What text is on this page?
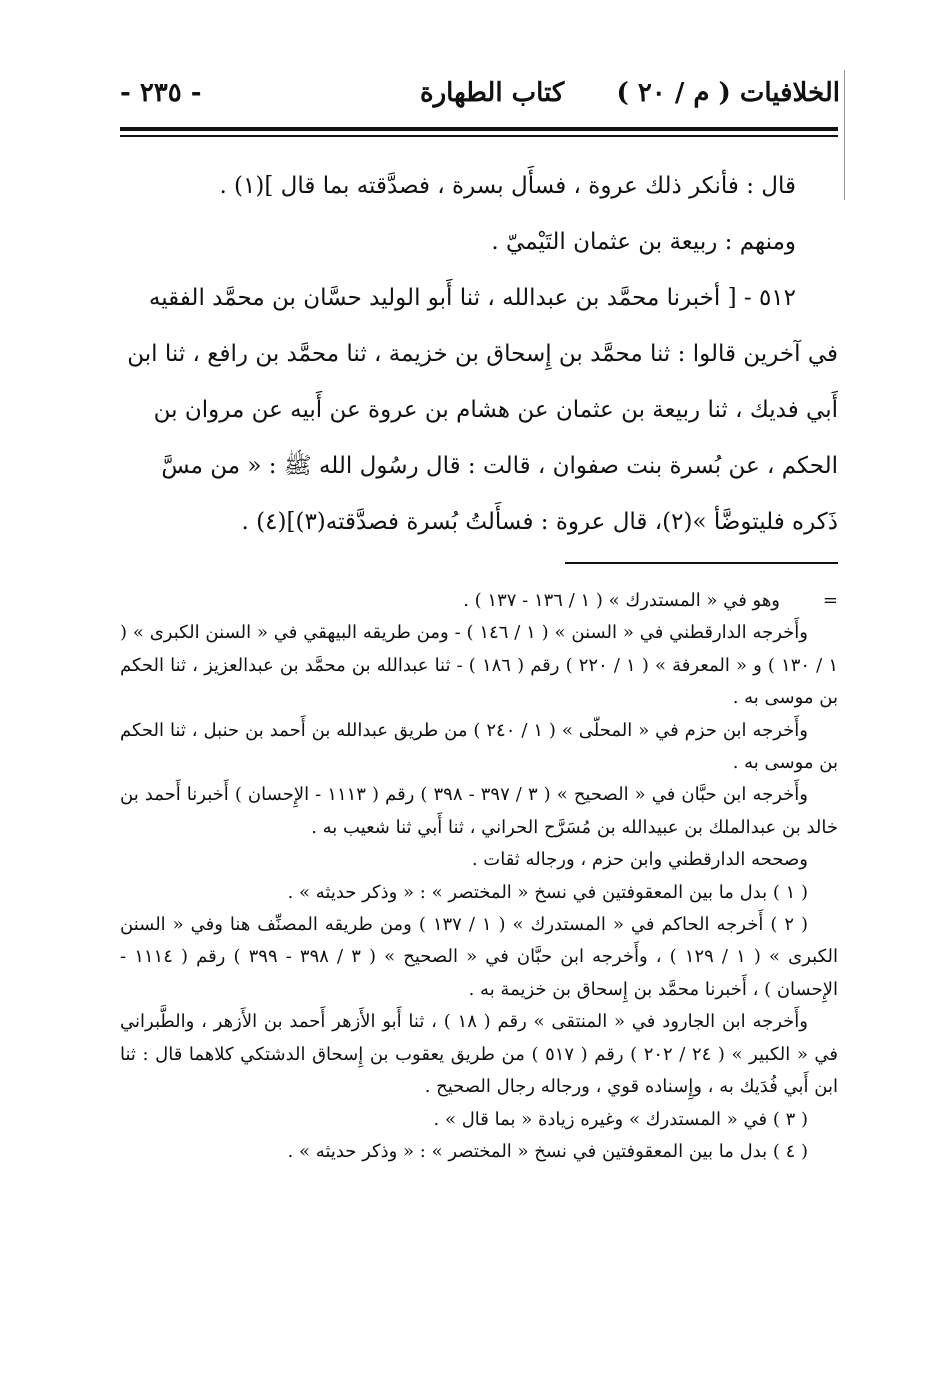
- ٢٣٥ -	كتاب الطهارة الخلافيات ( م / ٢٠ )

قال : فأنكر ذلك عروة ، فسأَل بسرة ، فصدَّقته بما قال ](١) .

ومنهم : ربيعة بن عثمان التَيْميّ .

٥١٢ - [ أخبرنا محمَّد بن عبدالله ، ثنا أَبو الوليد حسَّان بن محمَّد الفقيه في آخرين قالوا : ثنا محمَّد بن إِسحاق بن خزيمة ، ثنا محمَّد بن رافع ، ثنا ابن أَبي فديك ، ثنا ربيعة بن عثمان عن هشام بن عروة عن أَبيه عن مروان بن الحكم ، عن بُسرة بنت صفوان ، قالت : قال رسُول الله ﷺ : « من مسَّ ذَكره فليتوضَّأ »(٢)، قال عروة : فسأَلتُ بُسرة فصدَّقته(٣)](٤) .

=
وهو في « المستدرك » ( ١ / ١٣٦ - ١٣٧ ) .

وأَخرجه الدارقطني في « السنن » ( ١ / ١٤٦ ) - ومن طريقه البيهقي في « السنن الكبرى » ( ١ / ١٣٠ ) و « المعرفة » ( ١ / ٢٢٠ ) رقم ( ١٨٦ ) - ثنا عبدالله بن محمَّد بن عبدالعزيز ، ثنا الحكم بن موسى به .

وأَخرجه ابن حزم في « المحلّى » ( ١ / ٢٤٠ ) من طريق عبدالله بن أَحمد بن حنبل ، ثنا الحكم بن موسى به .

وأَخرجه ابن حبَّان في « الصحيح » ( ٣ / ٣٩٧ - ٣٩٨ ) رقم ( ١١١٣ - الإِحسان ) أَخبرنا أَحمد بن خالد بن عبدالملك بن عبيدالله بن مُسَرَّح الحراني ، ثنا أَبي ثنا شعيب به .

وصححه الدارقطني وابن حزم ، ورجاله ثقات .

( ١ ) بدل ما بين المعقوفتين في نسخ « المختصر » : « وذكر حديثه » .

( ٢ ) أَخرجه الحاكم في « المستدرك » ( ١ / ١٣٧ ) ومن طريقه المصنِّف هنا وفي « السنن الكبرى » ( ١ / ١٢٩ ) ، وأَخرجه ابن حبَّان في « الصحيح » ( ٣ / ٣٩٨ - ٣٩٩ ) رقم ( ١١١٤ - الإِحسان ) ، أَخبرنا محمَّد بن إِسحاق بن خزيمة به .

وأَخرجه ابن الجارود في « المنتقى » رقم ( ١٨ ) ، ثنا أَبو الأَزهر أَحمد بن الأَزهر ، والطَّبراني في « الكبير » ( ٢٤ / ٢٠٢ ) رقم ( ٥١٧ ) من طريق يعقوب بن إِسحاق الدشتكي كلاهما قال : ثنا ابن أَبي فُدَيك به ، وإِسناده قوي ، ورجاله رجال الصحيح .

( ٣ ) في « المستدرك » وغيره زيادة « بما قال » .

( ٤ ) بدل ما بين المعقوفتين في نسخ « المختصر » : « وذكر حديثه » .
